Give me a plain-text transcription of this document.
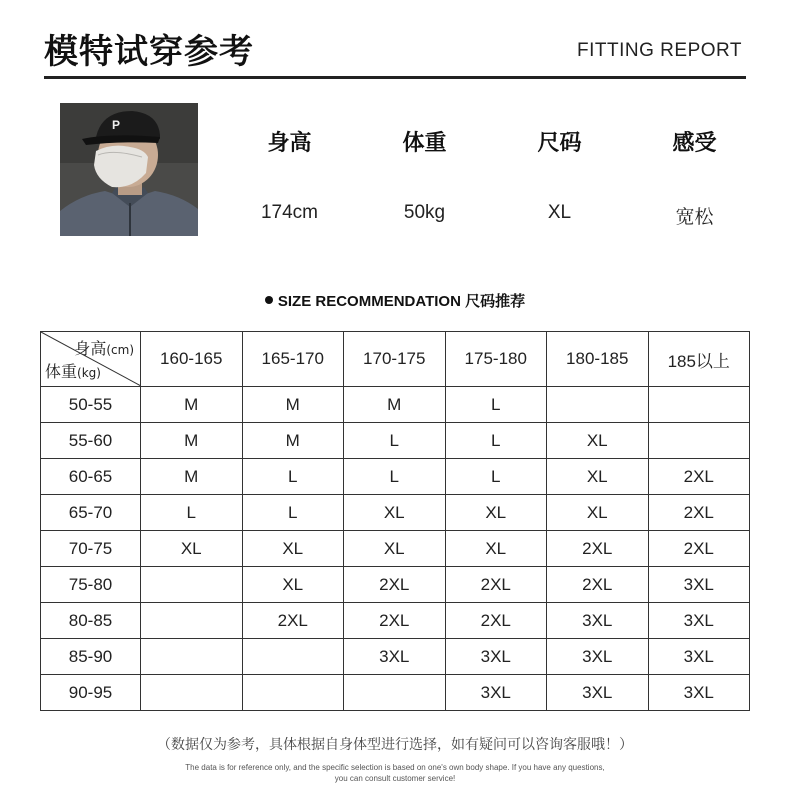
模特试穿参考	FITTING REPORT
P
身高	体重	尺码	感受
174cm	50kg	XL	宽松
SIZE RECOMMENDATION 尺码推荐
身高(cm)
体重(kg)	160-165	165-170	170-175	175-180	180-185	185以上
50-55	M	M	M	L		
55-60	M	M	L	L	XL	
60-65	M	L	L	L	XL	2XL
65-70	L	L	XL	XL	XL	2XL
70-75	XL	XL	XL	XL	2XL	2XL
75-80		XL	2XL	2XL	2XL	3XL
80-85		2XL	2XL	2XL	3XL	3XL
85-90			3XL	3XL	3XL	3XL
90-95				3XL	3XL	3XL
（数据仅为参考，具体根据自身体型进行选择，如有疑问可以咨询客服哦！）
The data is for reference only, and the specific selection is based on one's own body shape. If you have any questions,
you can consult customer service!
